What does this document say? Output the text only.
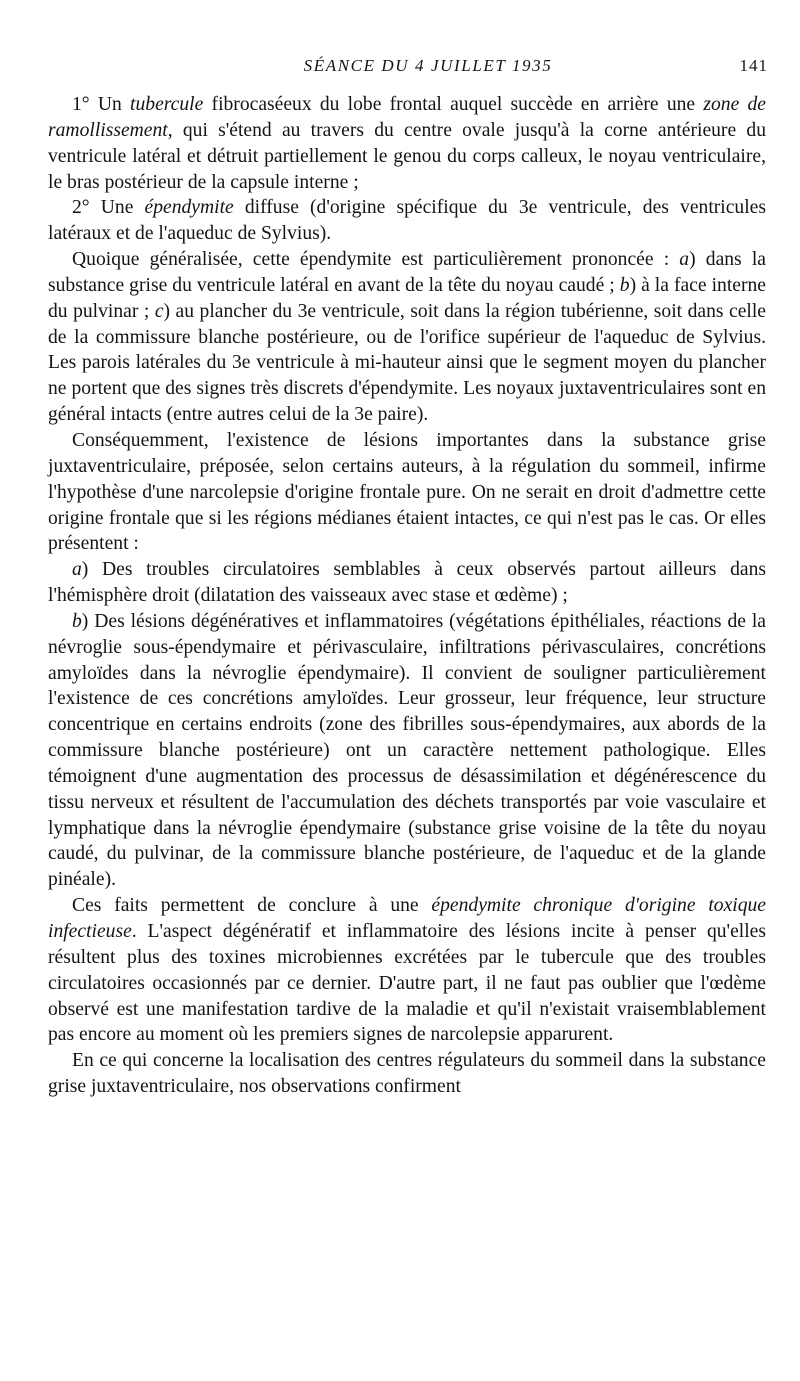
SÉANCE DU 4 JUILLET 1935	141

1° Un tubercule fibrocaséeux du lobe frontal auquel succède en arrière une zone de ramollissement, qui s'étend au travers du centre ovale jusqu'à la corne antérieure du ventricule latéral et détruit partiellement le genou du corps calleux, le noyau ventriculaire, le bras postérieur de la capsule interne ;

2° Une épendymite diffuse (d'origine spécifique du 3e ventricule, des ventricules latéraux et de l'aqueduc de Sylvius).

Quoique généralisée, cette épendymite est particulièrement prononcée : a) dans la substance grise du ventricule latéral en avant de la tête du noyau caudé ; b) à la face interne du pulvinar ; c) au plancher du 3e ventricule, soit dans la région tubérienne, soit dans celle de la commissure blanche postérieure, ou de l'orifice supérieur de l'aqueduc de Sylvius. Les parois latérales du 3e ventricule à mi-hauteur ainsi que le segment moyen du plancher ne portent que des signes très discrets d'épendymite. Les noyaux juxtaventriculaires sont en général intacts (entre autres celui de la 3e paire).

Conséquemment, l'existence de lésions importantes dans la substance grise juxtaventriculaire, préposée, selon certains auteurs, à la régulation du sommeil, infirme l'hypothèse d'une narcolepsie d'origine frontale pure. On ne serait en droit d'admettre cette origine frontale que si les régions médianes étaient intactes, ce qui n'est pas le cas. Or elles présentent :

a) Des troubles circulatoires semblables à ceux observés partout ailleurs dans l'hémisphère droit (dilatation des vaisseaux avec stase et œdème) ;

b) Des lésions dégénératives et inflammatoires (végétations épithéliales, réactions de la névroglie sous-épendymaire et périvasculaire, infiltrations périvasculaires, concrétions amyloïdes dans la névroglie épendymaire). Il convient de souligner particulièrement l'existence de ces concrétions amyloïdes. Leur grosseur, leur fréquence, leur structure concentrique en certains endroits (zone des fibrilles sous-épendymaires, aux abords de la commissure blanche postérieure) ont un caractère nettement pathologique. Elles témoignent d'une augmentation des processus de désassimilation et dégénérescence du tissu nerveux et résultent de l'accumulation des déchets transportés par voie vasculaire et lymphatique dans la névroglie épendymaire (substance grise voisine de la tête du noyau caudé, du pulvinar, de la commissure blanche postérieure, de l'aqueduc et de la glande pinéale).

Ces faits permettent de conclure à une épendymite chronique d'origine toxique infectieuse. L'aspect dégénératif et inflammatoire des lésions incite à penser qu'elles résultent plus des toxines microbiennes excrétées par le tubercule que des troubles circulatoires occasionnés par ce dernier. D'autre part, il ne faut pas oublier que l'œdème observé est une manifestation tardive de la maladie et qu'il n'existait vraisemblablement pas encore au moment où les premiers signes de narcolepsie apparurent.

En ce qui concerne la localisation des centres régulateurs du sommeil dans la substance grise juxtaventriculaire, nos observations confirment
